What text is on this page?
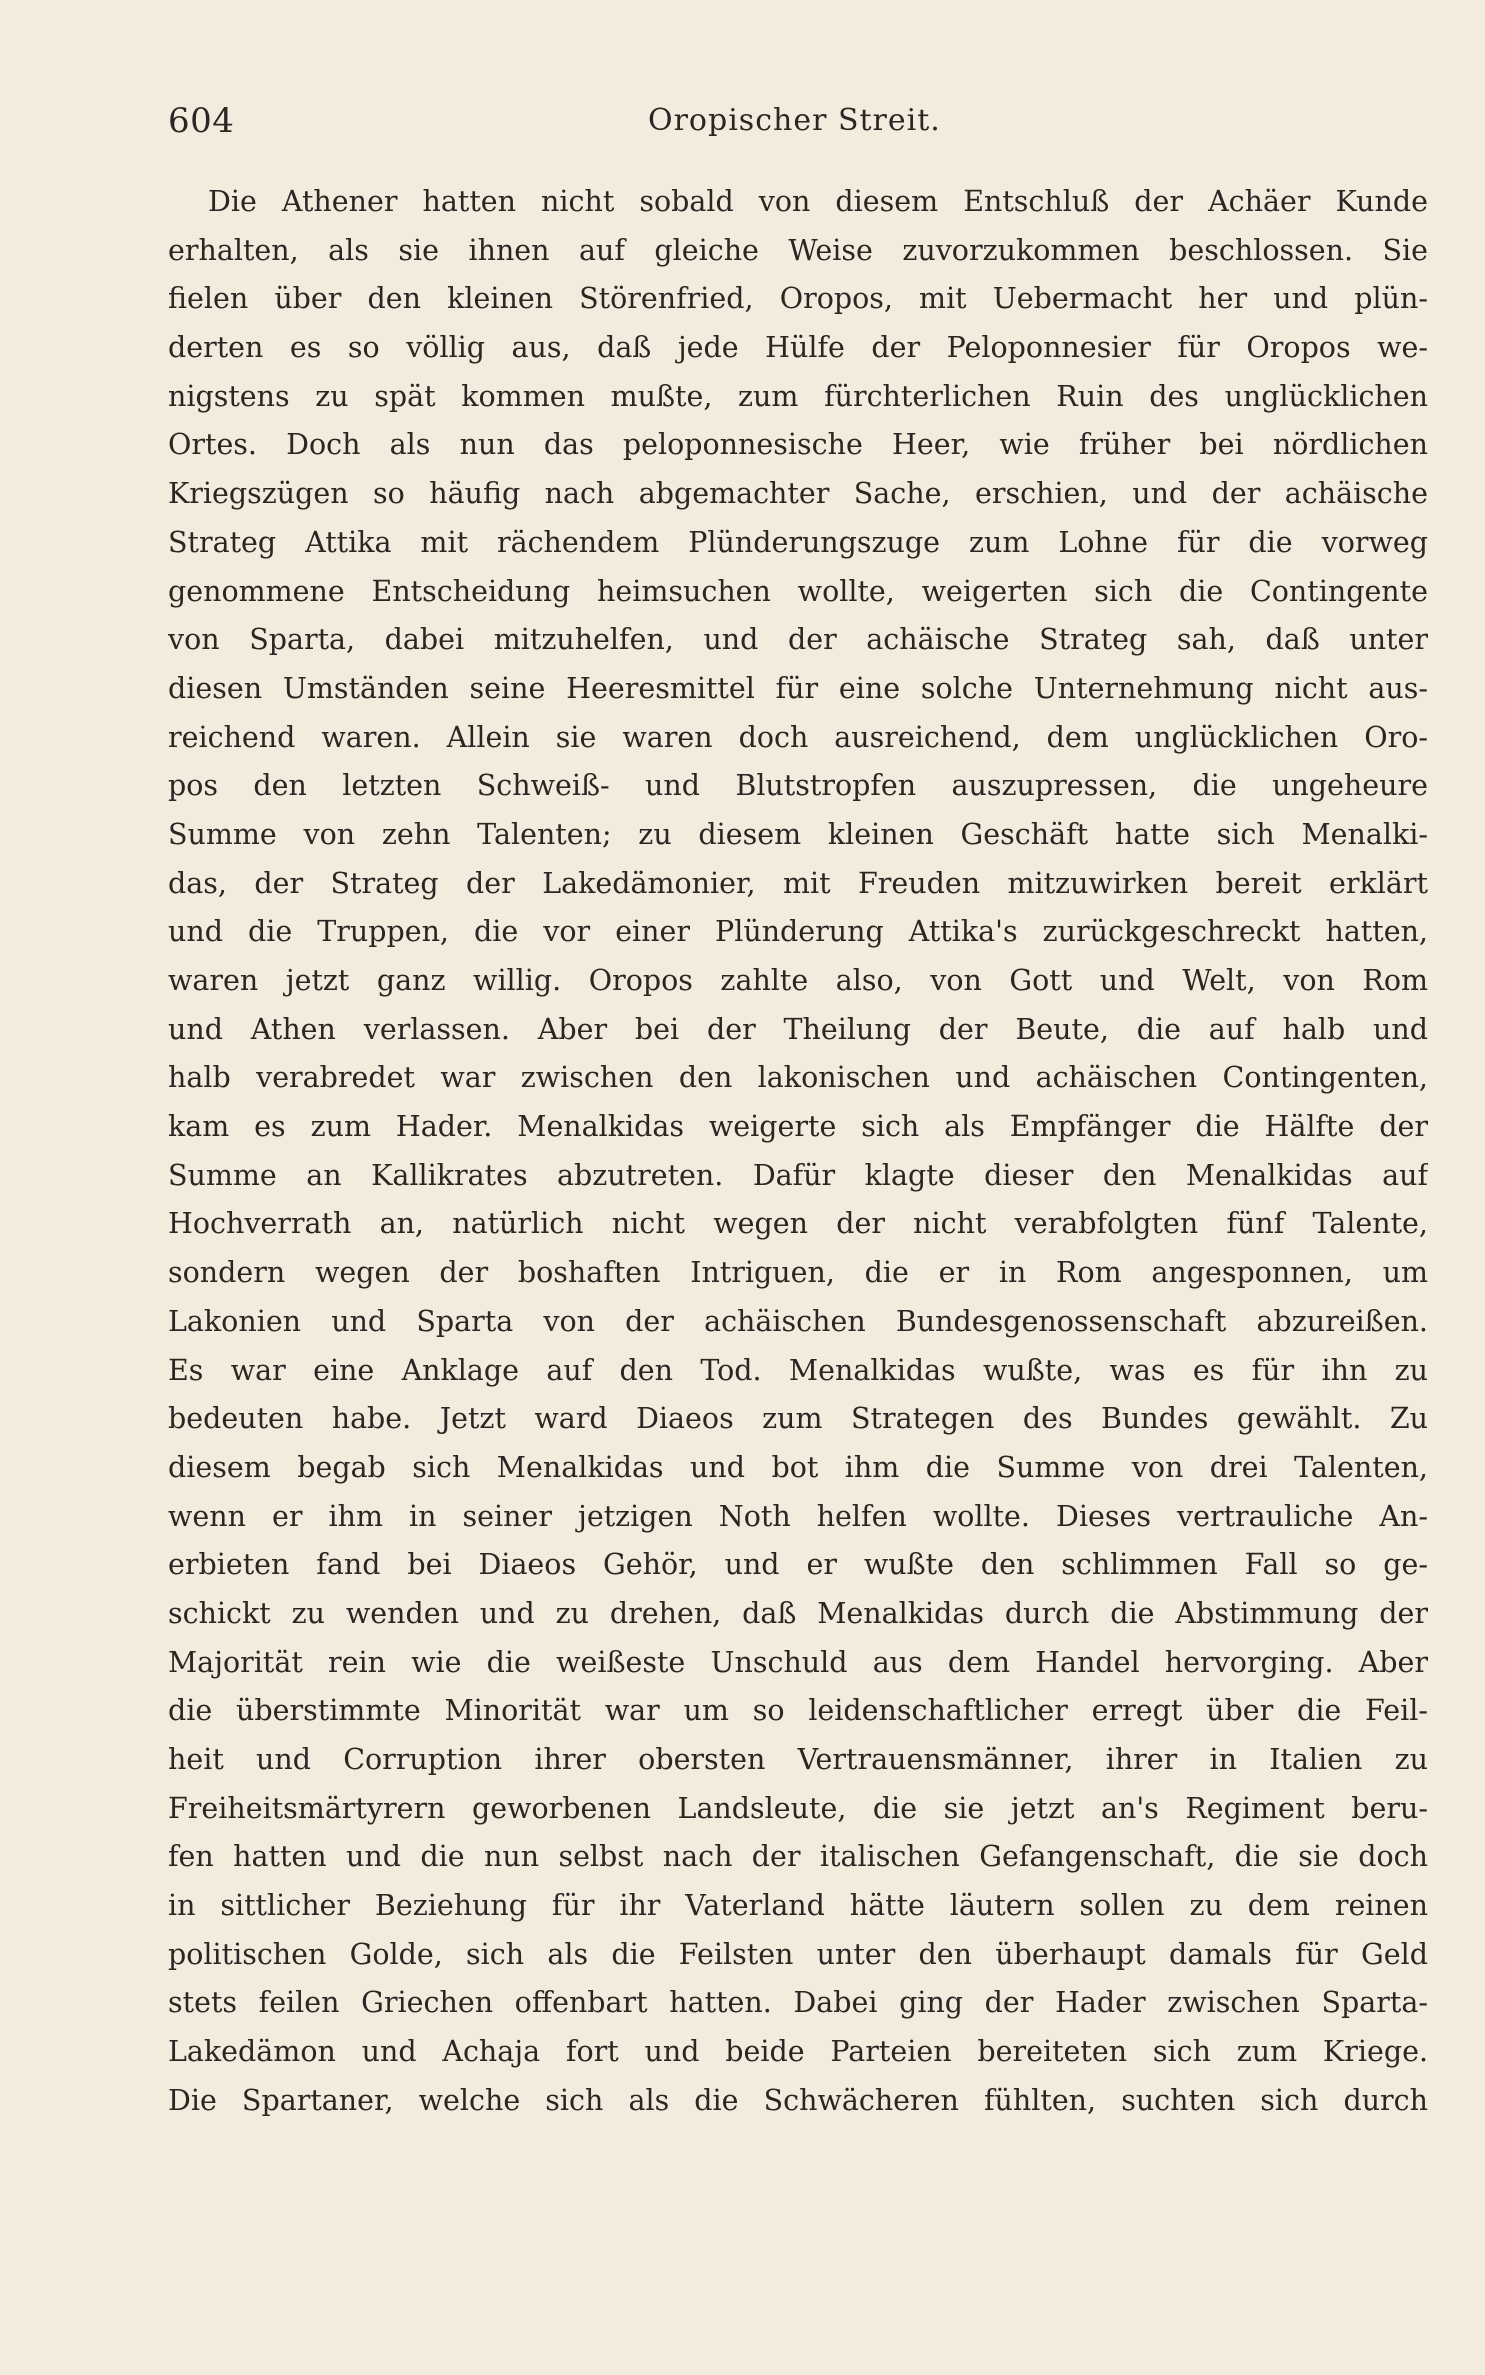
604	Oropischer Streit.
Die Athener hatten nicht sobald von diesem Entschluß der Achäer Kunde
erhalten, als sie ihnen auf gleiche Weise zuvorzukommen beschlossen. Sie
fielen über den kleinen Störenfried, Oropos, mit Uebermacht her und plün-
derten es so völlig aus, daß jede Hülfe der Peloponnesier für Oropos we-
nigstens zu spät kommen mußte, zum fürchterlichen Ruin des unglücklichen
Ortes. Doch als nun das peloponnesische Heer, wie früher bei nördlichen
Kriegszügen so häufig nach abgemachter Sache, erschien, und der achäische
Strateg Attika mit rächendem Plünderungszuge zum Lohne für die vorweg
genommene Entscheidung heimsuchen wollte, weigerten sich die Contingente
von Sparta, dabei mitzuhelfen, und der achäische Strateg sah, daß unter
diesen Umständen seine Heeresmittel für eine solche Unternehmung nicht aus-
reichend waren. Allein sie waren doch ausreichend, dem unglücklichen Oro-
pos den letzten Schweiß- und Blutstropfen auszupressen, die ungeheure
Summe von zehn Talenten; zu diesem kleinen Geschäft hatte sich Menalki-
das, der Strateg der Lakedämonier, mit Freuden mitzuwirken bereit erklärt
und die Truppen, die vor einer Plünderung Attika's zurückgeschreckt hatten,
waren jetzt ganz willig. Oropos zahlte also, von Gott und Welt, von Rom
und Athen verlassen. Aber bei der Theilung der Beute, die auf halb und
halb verabredet war zwischen den lakonischen und achäischen Contingenten,
kam es zum Hader. Menalkidas weigerte sich als Empfänger die Hälfte der
Summe an Kallikrates abzutreten. Dafür klagte dieser den Menalkidas auf
Hochverrath an, natürlich nicht wegen der nicht verabfolgten fünf Talente,
sondern wegen der boshaften Intriguen, die er in Rom angesponnen, um
Lakonien und Sparta von der achäischen Bundesgenossenschaft abzureißen.
Es war eine Anklage auf den Tod. Menalkidas wußte, was es für ihn zu
bedeuten habe. Jetzt ward Diaeos zum Strategen des Bundes gewählt. Zu
diesem begab sich Menalkidas und bot ihm die Summe von drei Talenten,
wenn er ihm in seiner jetzigen Noth helfen wollte. Dieses vertrauliche An-
erbieten fand bei Diaeos Gehör, und er wußte den schlimmen Fall so ge-
schickt zu wenden und zu drehen, daß Menalkidas durch die Abstimmung der
Majorität rein wie die weißeste Unschuld aus dem Handel hervorging. Aber
die überstimmte Minorität war um so leidenschaftlicher erregt über die Feil-
heit und Corruption ihrer obersten Vertrauensmänner, ihrer in Italien zu
Freiheitsmärtyrern geworbenen Landsleute, die sie jetzt an's Regiment beru-
fen hatten und die nun selbst nach der italischen Gefangenschaft, die sie doch
in sittlicher Beziehung für ihr Vaterland hätte läutern sollen zu dem reinen
politischen Golde, sich als die Feilsten unter den überhaupt damals für Geld
stets feilen Griechen offenbart hatten. Dabei ging der Hader zwischen Sparta-
Lakedämon und Achaja fort und beide Parteien bereiteten sich zum Kriege.
Die Spartaner, welche sich als die Schwächeren fühlten, suchten sich durch
